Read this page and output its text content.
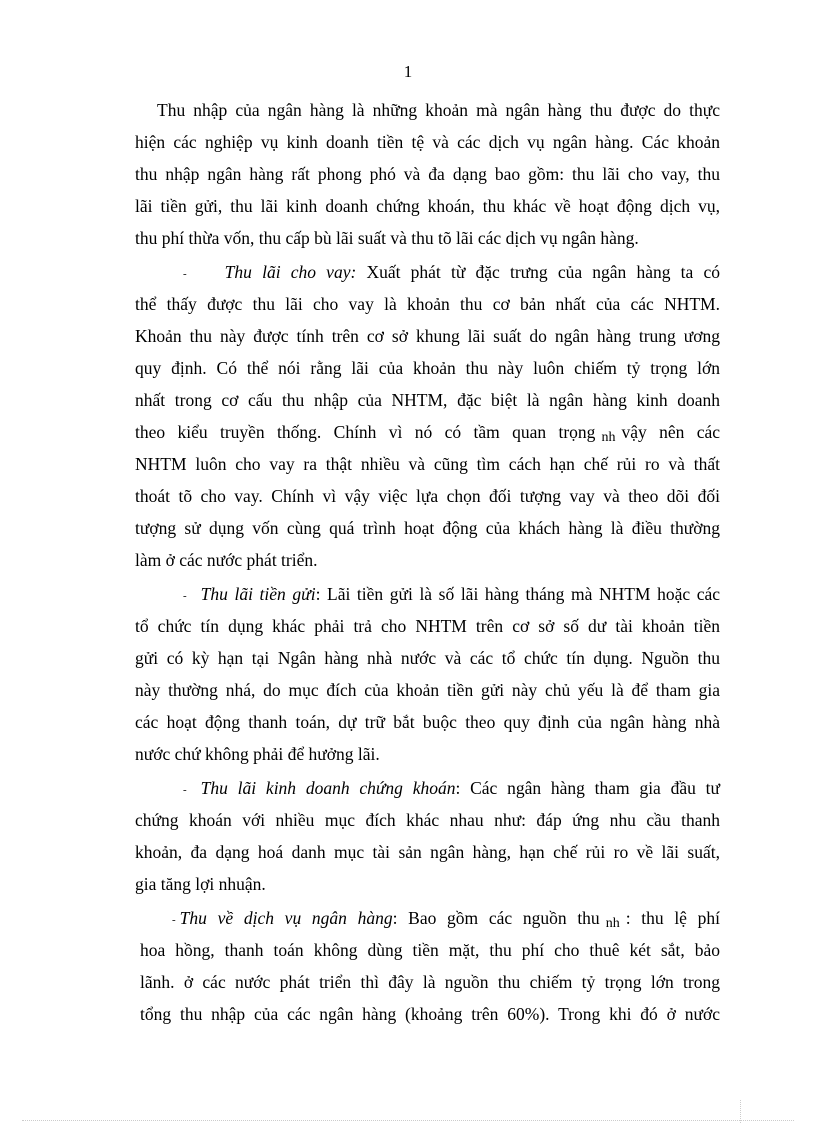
1
Thu nhập của ngân hàng là những khoản mà ngân hàng thu được do thực
hiện các nghiệp vụ kinh doanh tiền tệ và các dịch vụ ngân hàng. Các khoản
thu nhập ngân hàng rất phong phó và đa dạng bao gồm: thu lãi cho vay, thu
lãi tiền gửi, thu lãi kinh doanh chứng khoán, thu khác về hoạt động dịch vụ,
thu phí thừa vốn, thu cấp bù lãi suất và thu tõ lãi các dịch vụ ngân hàng.
- Thu lãi cho vay: Xuất phát từ đặc trưng của ngân hàng ta có
thể thấy được thu lãi cho vay là khoản thu cơ bản nhất của các NHTM.
Khoản thu này được tính trên cơ sở khung lãi suất do ngân hàng trung ương
quy định. Có thể nói rằng lãi của khoản thu này luôn chiếm tỷ trọng lớn
nhất trong cơ cấu thu nhập của NHTM, đặc biệt là ngân hàng kinh doanh
theo kiểu truyền thống. Chính vì nó có tầm quan trọng nh vậy nên các
NHTM luôn cho vay ra thật nhiều và cũng tìm cách hạn chế rủi ro và thất
thoát tõ cho vay. Chính vì vậy việc lựa chọn đối tượng vay và theo dõi đối
tượng sử dụng vốn cùng quá trình hoạt động của khách hàng là điều thường
làm ở các nước phát triển.
- Thu lãi tiền gửi: Lãi tiền gửi là số lãi hàng tháng mà NHTM hoặc các
tổ chức tín dụng khác phải trả cho NHTM trên cơ sở số dư tài khoản tiền
gửi có kỳ hạn tại Ngân hàng nhà nước và các tổ chức tín dụng. Nguồn thu
này thường nhá, do mục đích của khoản tiền gửi này chủ yếu là để tham gia
các hoạt động thanh toán, dự trữ bắt buộc theo quy định của ngân hàng nhà
nước chứ không phải để hưởng lãi.
- Thu lãi kinh doanh chứng khoán: Các ngân hàng tham gia đầu tư
chứng khoán với nhiều mục đích khác nhau như: đáp ứng nhu cầu thanh
khoản, đa dạng hoá danh mục tài sản ngân hàng, hạn chế rủi ro về lãi suất,
gia tăng lợi nhuận.
- Thu về dịch vụ ngân hàng: Bao gồm các nguồn thu nh : thu lệ phí
hoa hồng, thanh toán không dùng tiền mặt, thu phí cho thuê két sắt, bảo
lãnh. ở các nước phát triển thì đây là nguồn thu chiếm tỷ trọng lớn trong
tổng thu nhập của các ngân hàng (khoảng trên 60%). Trong khi đó ở nước
